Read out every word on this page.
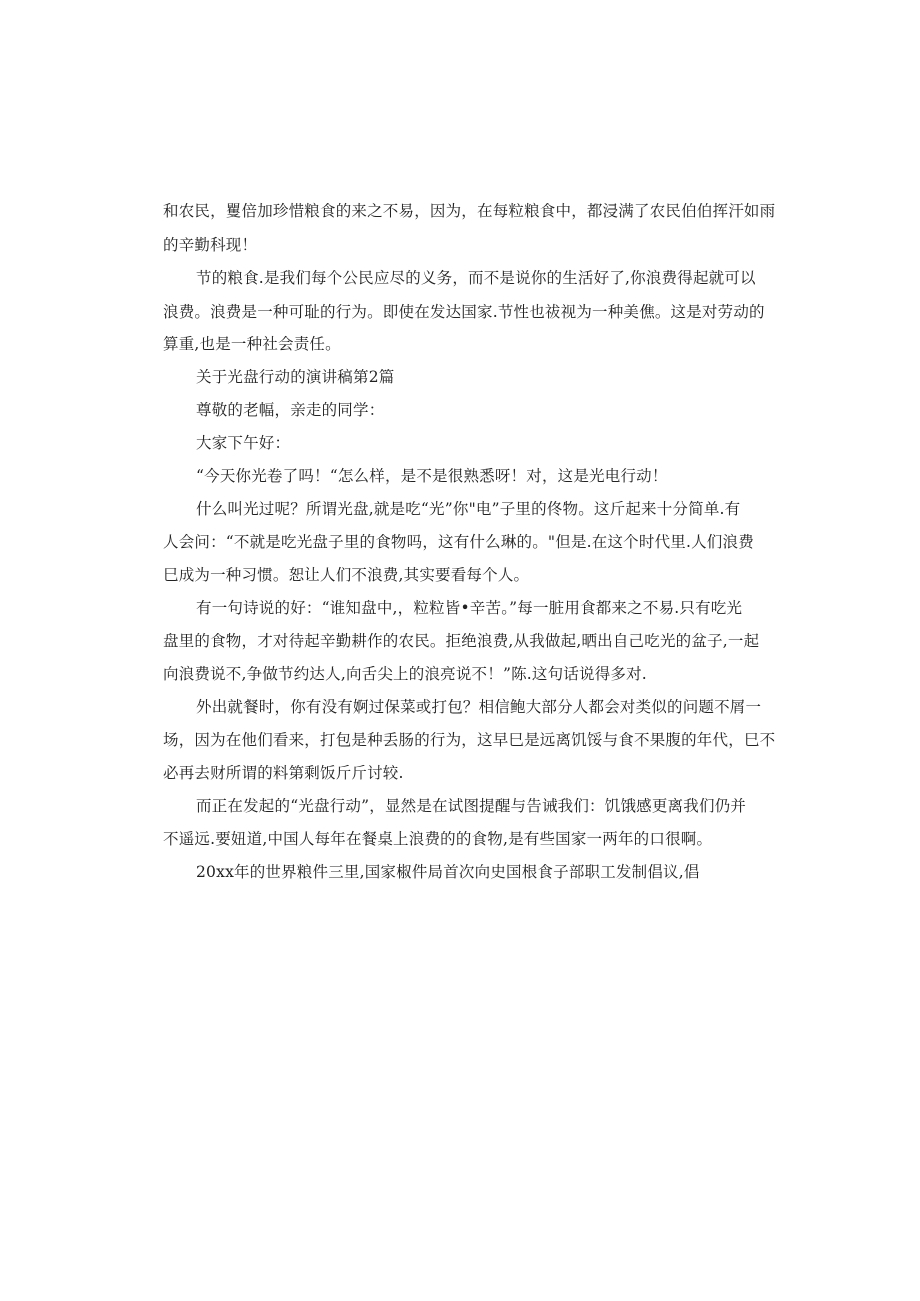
和农民，矍倍加珍惜粮食的来之不易，因为，在每粒粮食中，都浸满了农民伯伯挥汗如雨
的辛勤科现！
节的粮食.是我们每个公民应尽的义务，而不是说你的生活好了,你浪费得起就可以
浪费。浪费是一种可耻的行为。即使在发达国家.节性也祓视为一种美僬。这是对劳动的
算重,也是一种社会责任。
关于光盘行动的演讲稿第2篇
尊敬的老幅，亲走的同学：
大家下午好：
“今天你光卷了吗！“怎么样，是不是很熟悉呀！对，这是光电行动！
什么叫光过呢？所谓光盘,就是吃“光”你"电”子里的佟物。这斤起来十分简单.有
人会问：“不就是吃光盘子里的食物吗，这有什么琳的。"但是.在这个时代里.人们浪费
巳成为一种习惯。恕让人们不浪费,其实要看每个人。
有一句诗说的好：“谁知盘中,，粒粒皆•辛苦。”每一脏用食都来之不易.只有吃光
盘里的食物，才对待起辛勤耕作的农民。拒绝浪费,从我做起,晒出自己吃光的盆子,一起
向浪费说不,争做节约达人,向舌尖上的浪亮说不！”陈.这句话说得多对.
外出就餐时，你有没有婀过保菜或打包？相信鲍大部分人都会对类似的问题不屑一
场，因为在他们看来，打包是种丢肠的行为，这早巳是远离饥馁与食不果腹的年代，巳不
必再去财所谓的料第剩饭斤斤讨较.
而正在发起的“光盘行动”，显然是在试图提醒与告诫我们：饥饿感更离我们仍并
不遥远.要妞道,中国人每年在餐桌上浪费的的食物,是有些国家一两年的口很啊。
20xx年的世界粮件三里,国家椒件局首次向史国根食子部职工发制倡议,倡
